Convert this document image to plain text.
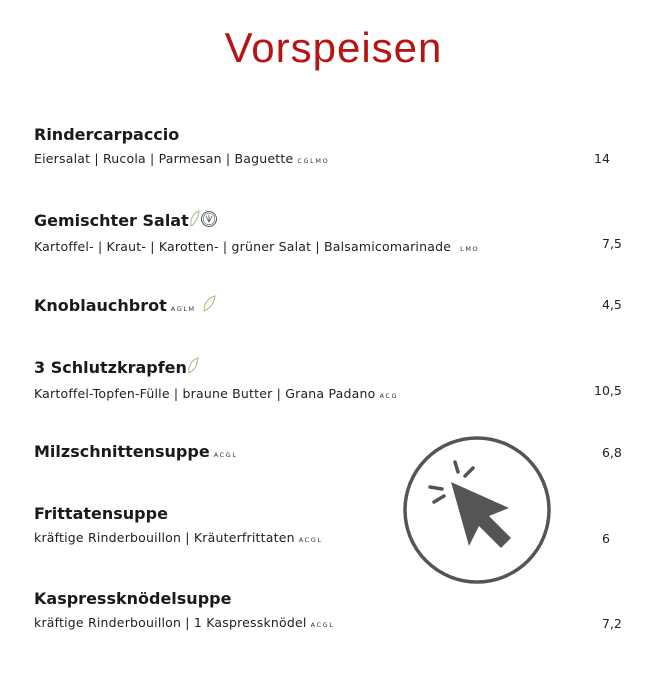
Vorspeisen
Rindercarpaccio
Eiersalat | Rucola | Parmesan | Baguette CGLMO	14
Gemischter Salat
Kartoffel- | Kraut- | Karotten- | grüner Salat | Balsamicomarinade LMO	7,5
Knoblauchbrot AGLM	4,5
3 Schlutzkrapfen
Kartoffel-Topfen-Fülle | braune Butter | Grana Padano ACG	10,5
Milzschnittensuppe ACGL	6,8
Frittatensuppe
kräftige Rinderbouillon | Kräuterfrittaten ACGL	6
Kaspressknödelsuppe
kräftige Rinderbouillon | 1 Kaspressknödel ACGL	7,2
